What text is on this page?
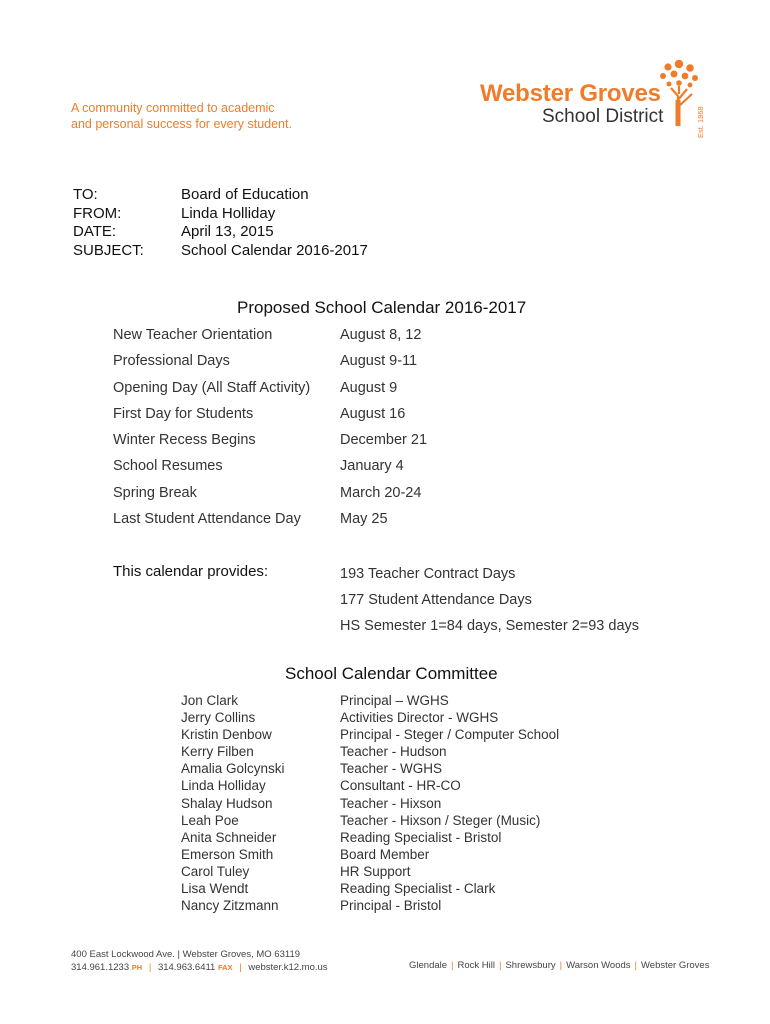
A community committed to academic
and personal success for every student.
Webster Groves
School District	Est. 1868
TO:	Board of Education
FROM:	Linda Holliday
DATE:	April 13, 2015
SUBJECT:	School Calendar 2016-2017
Proposed School Calendar 2016-2017
New Teacher Orientation	August 8, 12
Professional Days	August 9-11
Opening Day (All Staff Activity)	August 9
First Day for Students	August 16
Winter Recess Begins	December 21
School Resumes	January 4
Spring Break	March 20-24
Last Student Attendance Day	May 25
This calendar provides:	193 Teacher Contract Days
177 Student Attendance Days
HS Semester 1=84 days, Semester 2=93 days
School Calendar Committee
Jon Clark	Principal – WGHS
Jerry Collins	Activities Director - WGHS
Kristin Denbow	Principal - Steger / Computer School
Kerry Filben	Teacher - Hudson
Amalia Golcynski	Teacher - WGHS
Linda Holliday	Consultant - HR-CO
Shalay Hudson	Teacher - Hixson
Leah Poe	Teacher - Hixson / Steger (Music)
Anita Schneider	Reading Specialist - Bristol
Emerson Smith	Board Member
Carol Tuley	HR Support
Lisa Wendt	Reading Specialist - Clark
Nancy Zitzmann	Principal - Bristol
400 East Lockwood Ave. | Webster Groves, MO 63119
314.961.1233 PH | 314.963.6411 FAX | webster.k12.mo.us	Glendale | Rock Hill | Shrewsbury | Warson Woods | Webster Groves
